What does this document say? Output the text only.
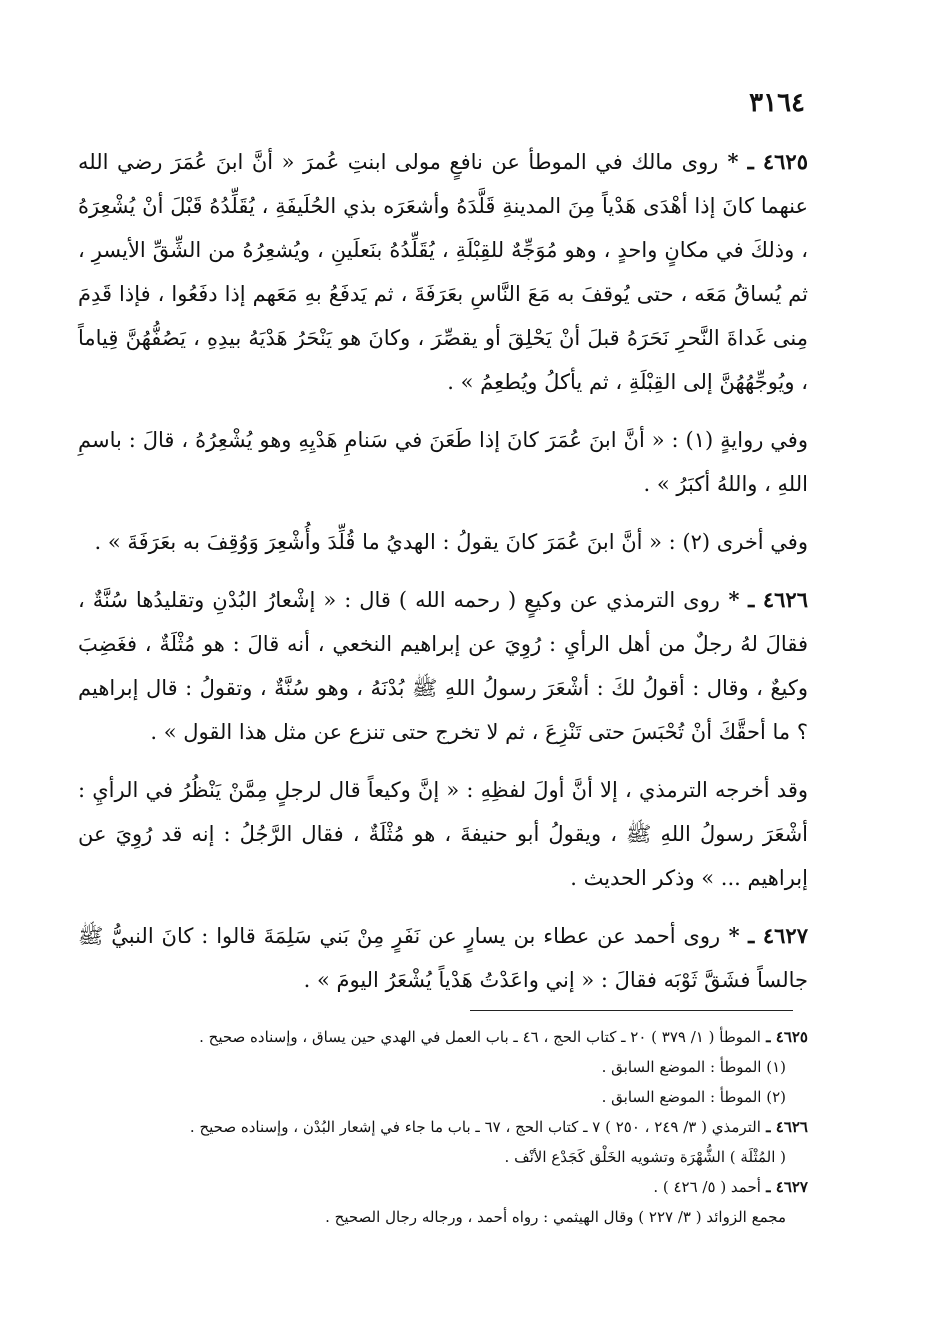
٣١٦٤

٤٦٢٥ ـ * روى مالك في الموطأ عن نافعٍ مولى ابنتِ عُمرَ « أنَّ ابنَ عُمَرَ رضي الله عنهما كانَ إذا أهْدَى هَدْياً مِنَ المدينةِ قَلَّدَهُ وأشعَرَه بذي الحُلَيفَةِ ، يُقَلِّدُهُ قَبْلَ أنْ يُشْعِرَهُ ، وذلكَ في مكانٍ واحدٍ ، وهو مُوَجِّهٌ للقِبْلَةِ ، يُقَلِّدُهُ بنَعلَينِ ، ويُشعِرُهُ من الشِّقِّ الأيسرِ ، ثم يُساقُ مَعَه ، حتى يُوقفَ به مَعَ النَّاسِ بعَرَفَةَ ، ثم يَدفَعُ بهِ مَعَهم إذا دفَعُوا ، فإذا قَدِمَ مِنى غَداةَ النَّحرِ نَحَرَهُ قبلَ أنْ يَحْلِقَ أو يقصِّرَ ، وكانَ هو يَنْحَرُ هَدْيَهُ بيدِهِ ، يَصُفُّهُنَّ قِياماً ، ويُوجِّهُهُنَّ إلى القِبْلَةِ ، ثم يأكلُ ويُطعِمُ » .

وفي روايةٍ (١) : « أنَّ ابنَ عُمَرَ كانَ إذا طَعَنَ في سَنامِ هَدْيِهِ وهو يُشْعِرُهُ ، قالَ : باسمِ اللهِ ، واللهُ أكبَرُ » .

وفي أخرى (٢) : « أنَّ ابنَ عُمَرَ كانَ يقولُ : الهديُ ما قُلِّدَ وأُشْعِرَ وَوُقِفَ به بعَرَفَةَ » .

٤٦٢٦ ـ * روى الترمذي عن وكيعٍ ( رحمه الله ) قال : « إشْعارُ البُدْنِ وتقليدُها سُنَّةٌ ، فقالَ لهُ رجلٌ من أهل الرأيِ : رُوِيَ عن إبراهيم النخعي ، أنه قالَ : هو مُثْلَةٌ ، فغَضِبَ وكيعٌ ، وقال : أقولُ لكَ : أشْعَرَ رسولُ اللهِ ﷺ بُدْنَهُ ، وهو سُنَّةٌ ، وتقولُ : قال إبراهيم ؟ ما أحقَّكَ أنْ تُحْبَسَ حتى تَنْزِعَ ، ثم لا تخرج حتى تنزع عن مثل هذا القول » .

وقد أخرجه الترمذي ، إلا أنَّ أولَ لفظِهِ : « إنَّ وكيعاً قال لرجلٍ مِمَّنْ يَنْظُرُ في الرأيِ : أشْعَرَ رسولُ اللهِ ﷺ ، ويقولُ أبو حنيفةَ ، هو مُثْلَةٌ ، فقال الرَّجُلُ : إنه قد رُوِيَ عن إبراهيم ... » وذكر الحديث .

٤٦٢٧ ـ * روى أحمد عن عطاء بن يسارٍ عن نَفَرٍ مِنْ بَني سَلِمَةَ قالوا : كانَ النبيُّ ﷺ جالساً فشَقَّ ثَوْبَه فقالَ : « إني واعَدْتُ هَدْياً يُشْعَرُ اليومَ » .

٤٦٢٥ ـ الموطأ ( ١/ ٣٧٩ ) ٢٠ ـ كتاب الحج ، ٤٦ ـ باب العمل في الهدي حين يساق ، وإسناده صحيح .

(١) الموطأ : الموضع السابق .

(٢) الموطأ : الموضع السابق .

٤٦٢٦ ـ الترمذي ( ٣/ ٢٤٩ ، ٢٥٠ ) ٧ ـ كتاب الحج ، ٦٧ ـ باب ما جاء في إشعار البُدْن ، وإسناده صحيح .

( المُثْلَة ) الشُّهْرَة وتشويه الخَلْق كَجَدْع الأنْف .

٤٦٢٧ ـ أحمد ( ٥/ ٤٢٦ ) .

مجمع الزوائد ( ٣/ ٢٢٧ ) وقال الهيثمي : رواه أحمد ، ورجاله رجال الصحيح .
